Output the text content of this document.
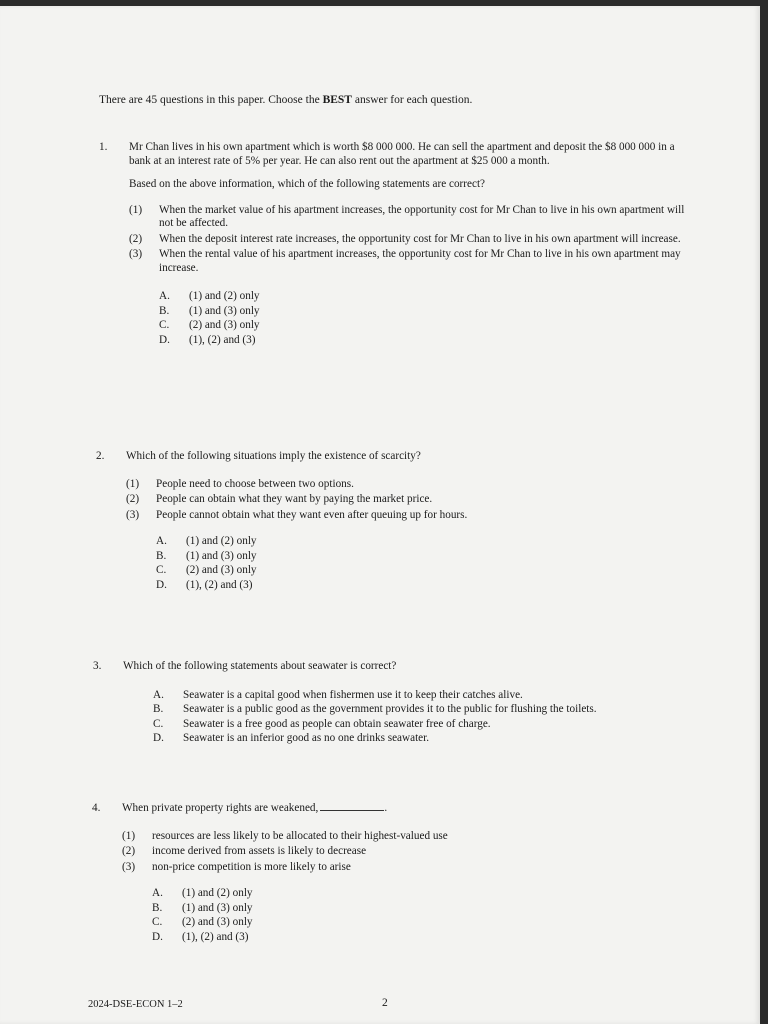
There are 45 questions in this paper. Choose the BEST answer for each question.
1. Mr Chan lives in his own apartment which is worth $8 000 000. He can sell the apartment and deposit the $8 000 000 in a bank at an interest rate of 5% per year. He can also rent out the apartment at $25 000 a month.

Based on the above information, which of the following statements are correct?

(1) When the market value of his apartment increases, the opportunity cost for Mr Chan to live in his own apartment will not be affected.
(2) When the deposit interest rate increases, the opportunity cost for Mr Chan to live in his own apartment will increase.
(3) When the rental value of his apartment increases, the opportunity cost for Mr Chan to live in his own apartment may increase.
A. (1) and (2) only
B. (1) and (3) only
C. (2) and (3) only
D. (1), (2) and (3)
2. Which of the following situations imply the existence of scarcity?

(1) People need to choose between two options.
(2) People can obtain what they want by paying the market price.
(3) People cannot obtain what they want even after queuing up for hours.
A. (1) and (2) only
B. (1) and (3) only
C. (2) and (3) only
D. (1), (2) and (3)
3. Which of the following statements about seawater is correct?

A. Seawater is a capital good when fishermen use it to keep their catches alive.
B. Seawater is a public good as the government provides it to the public for flushing the toilets.
C. Seawater is a free good as people can obtain seawater free of charge.
D. Seawater is an inferior good as no one drinks seawater.
4. When private property rights are weakened,	.

(1) resources are less likely to be allocated to their highest-valued use
(2) income derived from assets is likely to decrease
(3) non-price competition is more likely to arise
A. (1) and (2) only
B. (1) and (3) only
C. (2) and (3) only
D. (1), (2) and (3)
2024-DSE-ECON 1–2	2
